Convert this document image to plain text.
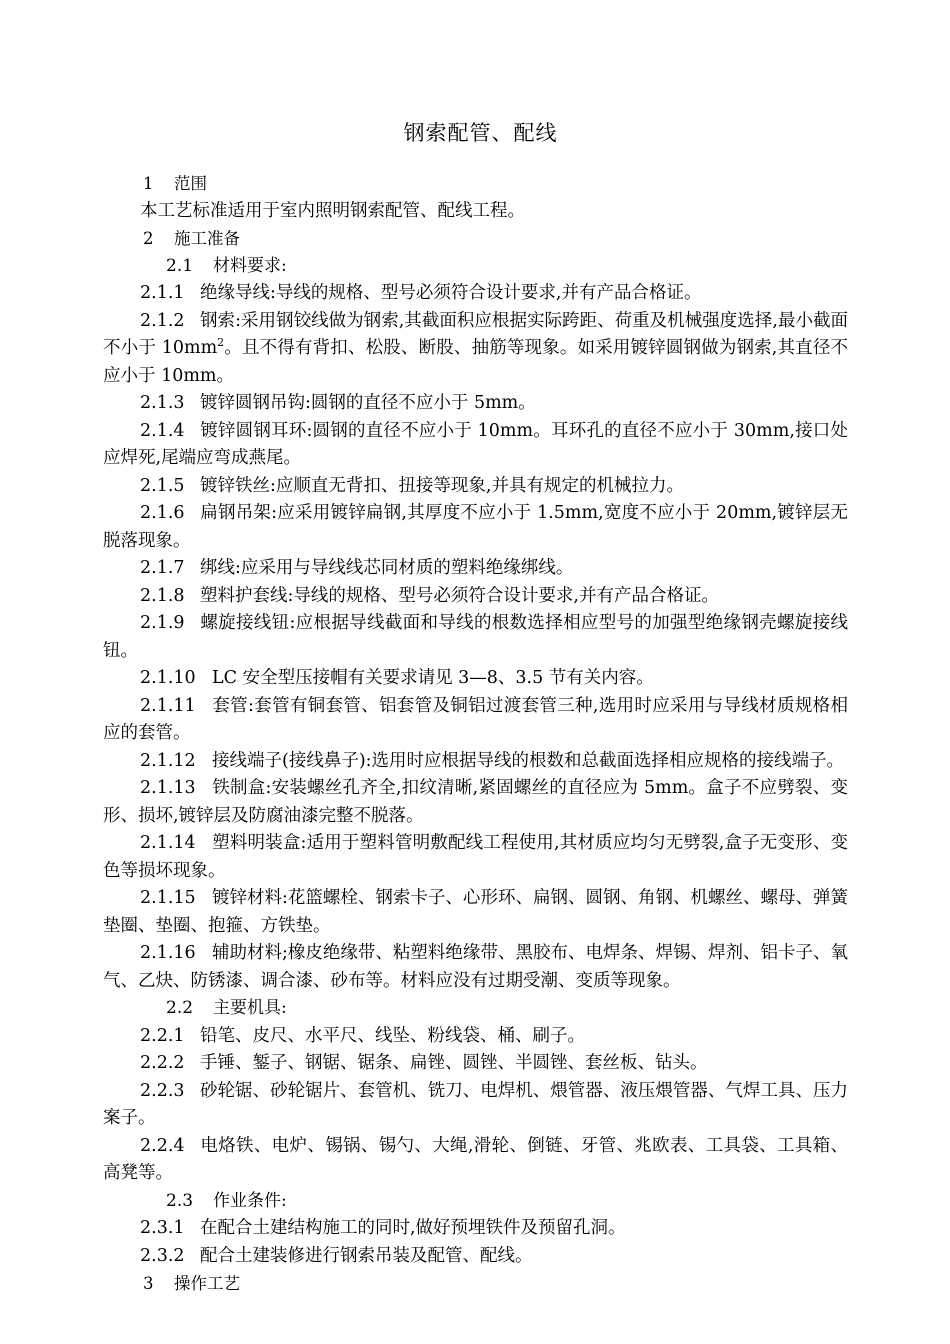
钢索配管、配线
1 范围

本工艺标准适用于室内照明钢索配管、配线工程。

2 施工准备
2.1 材料要求:

2.1.1 绝缘导线:导线的规格、型号必须符合设计要求,并有产品合格证。

2.1.2 钢索:采用钢铰线做为钢索,其截面积应根据实际跨距、荷重及机械强度选择,最小截面不小于 $10mm^2$。且不得有背扣、松股、断股、抽筋等现象。如采用镀锌圆钢做为钢索,其直径不应小于 10mm。

2.1.3 镀锌圆钢吊钩:圆钢的直径不应小于 5mm。

2.1.4 镀锌圆钢耳环:圆钢的直径不应小于 10mm。耳环孔的直径不应小于 30mm,接口处应焊死,尾端应弯成燕尾。

2.1.5 镀锌铁丝:应顺直无背扣、扭接等现象,并具有规定的机械拉力。

2.1.6 扁钢吊架:应采用镀锌扁钢,其厚度不应小于 1.5mm,宽度不应小于 20mm,镀锌层无脱落现象。

2.1.7 绑线:应采用与导线线芯同材质的塑料绝缘绑线。

2.1.8 塑料护套线:导线的规格、型号必须符合设计要求,并有产品合格证。

2.1.9 螺旋接线钮:应根据导线截面和导线的根数选择相应型号的加强型绝缘钢壳螺旋接线钮。

2.1.10 LC 安全型压接帽有关要求请见 3—8、3.5 节有关内容。

2.1.11 套管:套管有铜套管、铝套管及铜铝过渡套管三种,选用时应采用与导线材质规格相应的套管。

2.1.12 接线端子(接线鼻子):选用时应根据导线的根数和总截面选择相应规格的接线端子。

2.1.13 铁制盒:安装螺丝孔齐全,扣纹清晰,紧固螺丝的直径应为 5mm。盒子不应劈裂、变形、损坏,镀锌层及防腐油漆完整不脱落。

2.1.14 塑料明装盒:适用于塑料管明敷配线工程使用,其材质应均匀无劈裂,盒子无变形、变色等损坏现象。

2.1.15 镀锌材料:花篮螺栓、钢索卡子、心形环、扁钢、圆钢、角钢、机螺丝、螺母、弹簧垫圈、垫圈、抱箍、方铁垫。

2.1.16 辅助材料;橡皮绝缘带、粘塑料绝缘带、黑胶布、电焊条、焊锡、焊剂、铝卡子、氧气、乙炔、防锈漆、调合漆、砂布等。材料应没有过期受潮、变质等现象。

2.2 主要机具:

2.2.1 铅笔、皮尺、水平尺、线坠、粉线袋、桶、刷子。

2.2.2 手锤、錾子、钢锯、锯条、扁锉、圆锉、半圆锉、套丝板、钻头。

2.2.3 砂轮锯、砂轮锯片、套管机、铣刀、电焊机、煨管器、液压煨管器、气焊工具、压力案子。

2.2.4 电烙铁、电炉、锡锅、锡勺、大绳,滑轮、倒链、牙管、兆欧表、工具袋、工具箱、高凳等。

2.3 作业条件:

2.3.1 在配合土建结构施工的同时,做好预埋铁件及预留孔洞。

2.3.2 配合土建装修进行钢索吊装及配管、配线。

3 操作工艺
